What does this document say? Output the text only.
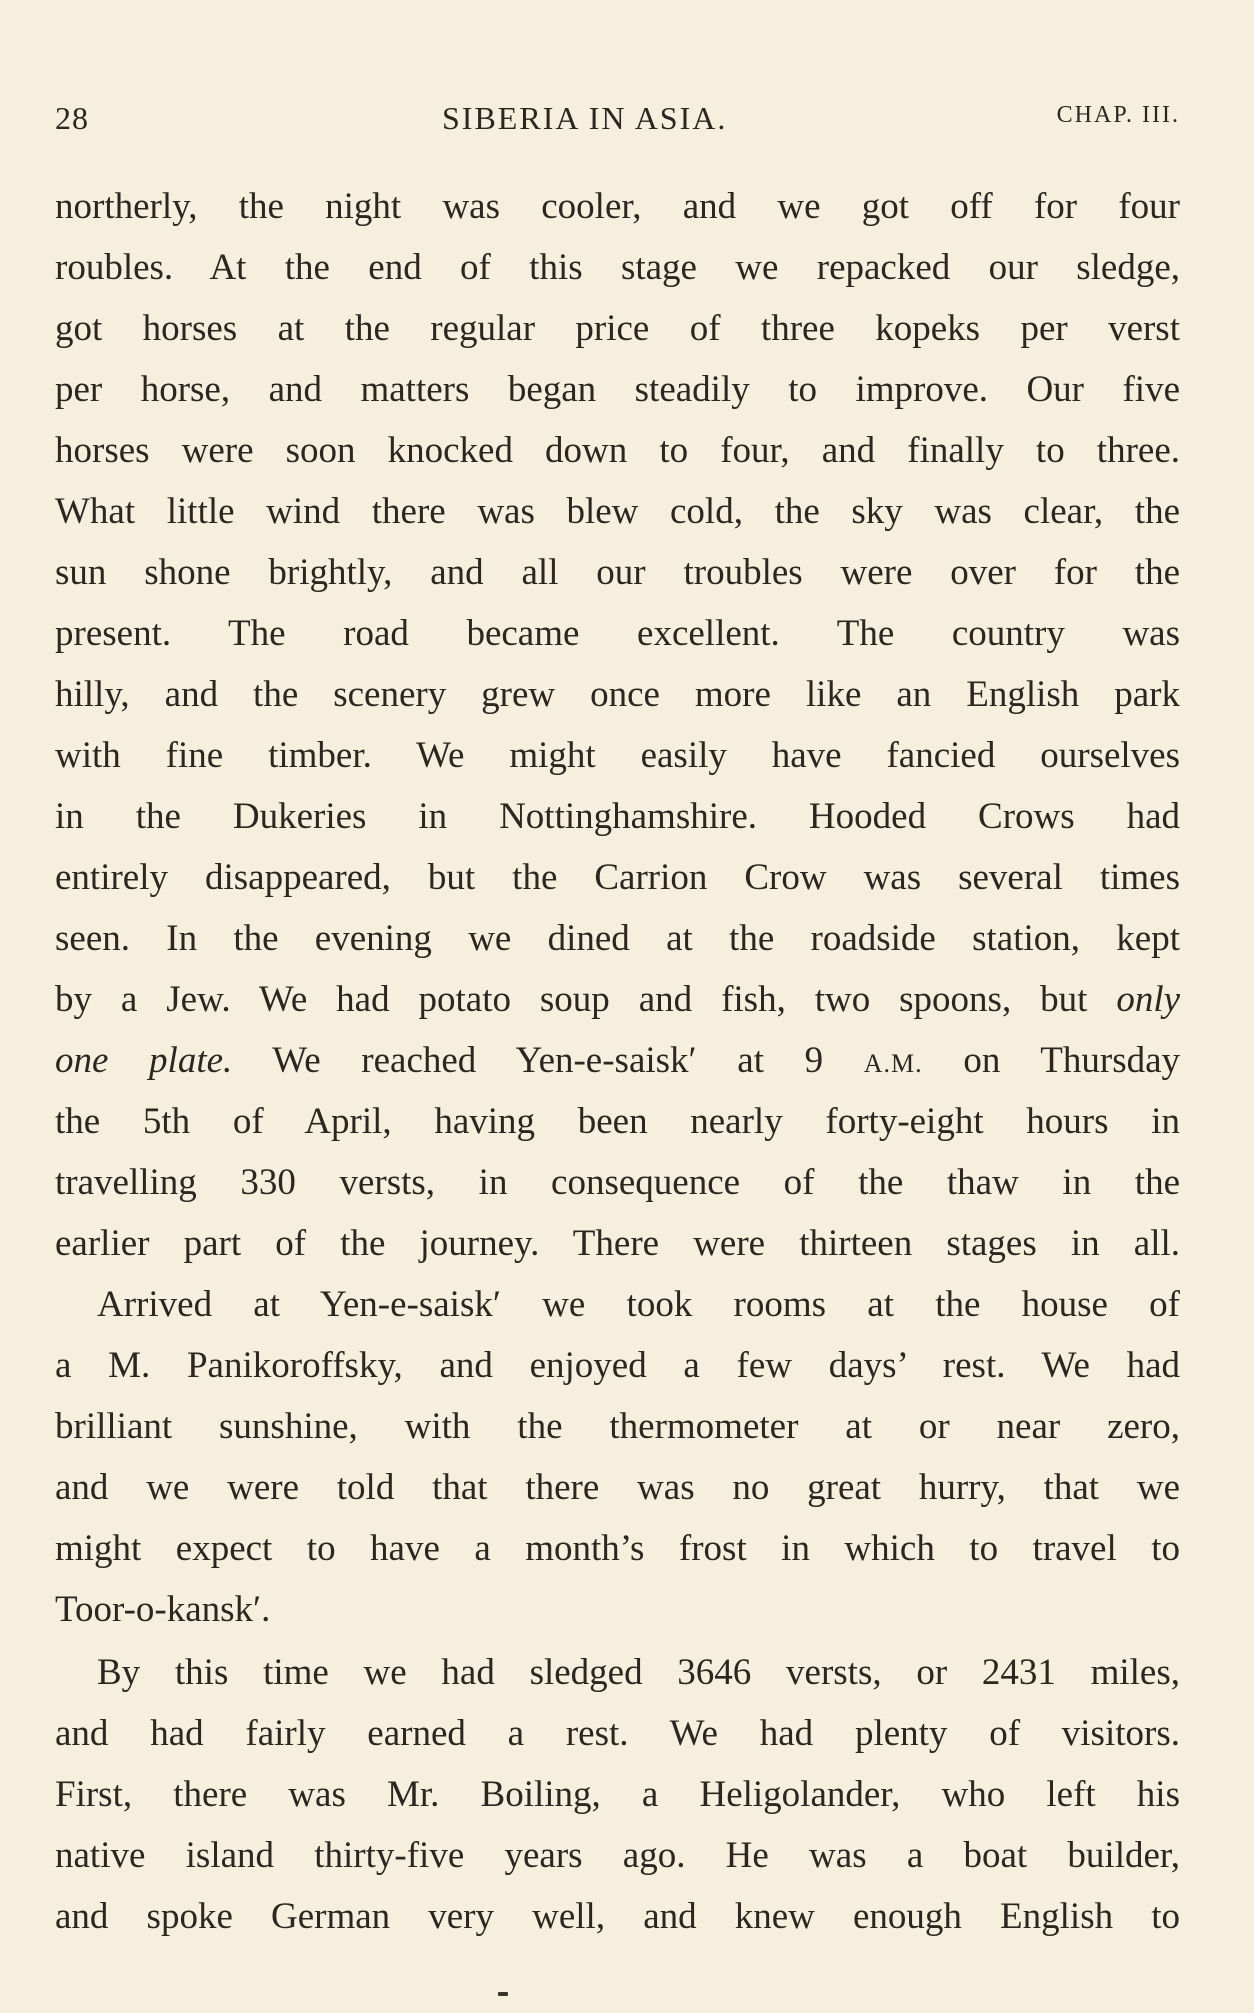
28	SIBERIA IN ASIA.	CHAP. III.
northerly, the night was cooler, and we got off for four
roubles. At the end of this stage we repacked our sledge,
got horses at the regular price of three kopeks per verst
per horse, and matters began steadily to improve. Our five
horses were soon knocked down to four, and finally to three.
What little wind there was blew cold, the sky was clear, the
sun shone brightly, and all our troubles were over for the
present. The road became excellent. The country was
hilly, and the scenery grew once more like an English park
with fine timber. We might easily have fancied ourselves
in the Dukeries in Nottinghamshire. Hooded Crows had
entirely disappeared, but the Carrion Crow was several times
seen. In the evening we dined at the roadside station, kept
by a Jew. We had potato soup and fish, two spoons, but only
one plate. We reached Yen-e-saisk′ at 9 A.M. on Thursday
the 5th of April, having been nearly forty-eight hours in
travelling 330 versts, in consequence of the thaw in the
earlier part of the journey. There were thirteen stages in all.
Arrived at Yen-e-saisk′ we took rooms at the house of
a M. Panikoroffsky, and enjoyed a few days’ rest. We had
brilliant sunshine, with the thermometer at or near zero,
and we were told that there was no great hurry, that we
might expect to have a month’s frost in which to travel to
Toor-o-kansk′.
By this time we had sledged 3646 versts, or 2431 miles,
and had fairly earned a rest. We had plenty of visitors.
First, there was Mr. Boiling, a Heligolander, who left his
native island thirty-five years ago. He was a boat builder,
and spoke German very well, and knew enough English to
